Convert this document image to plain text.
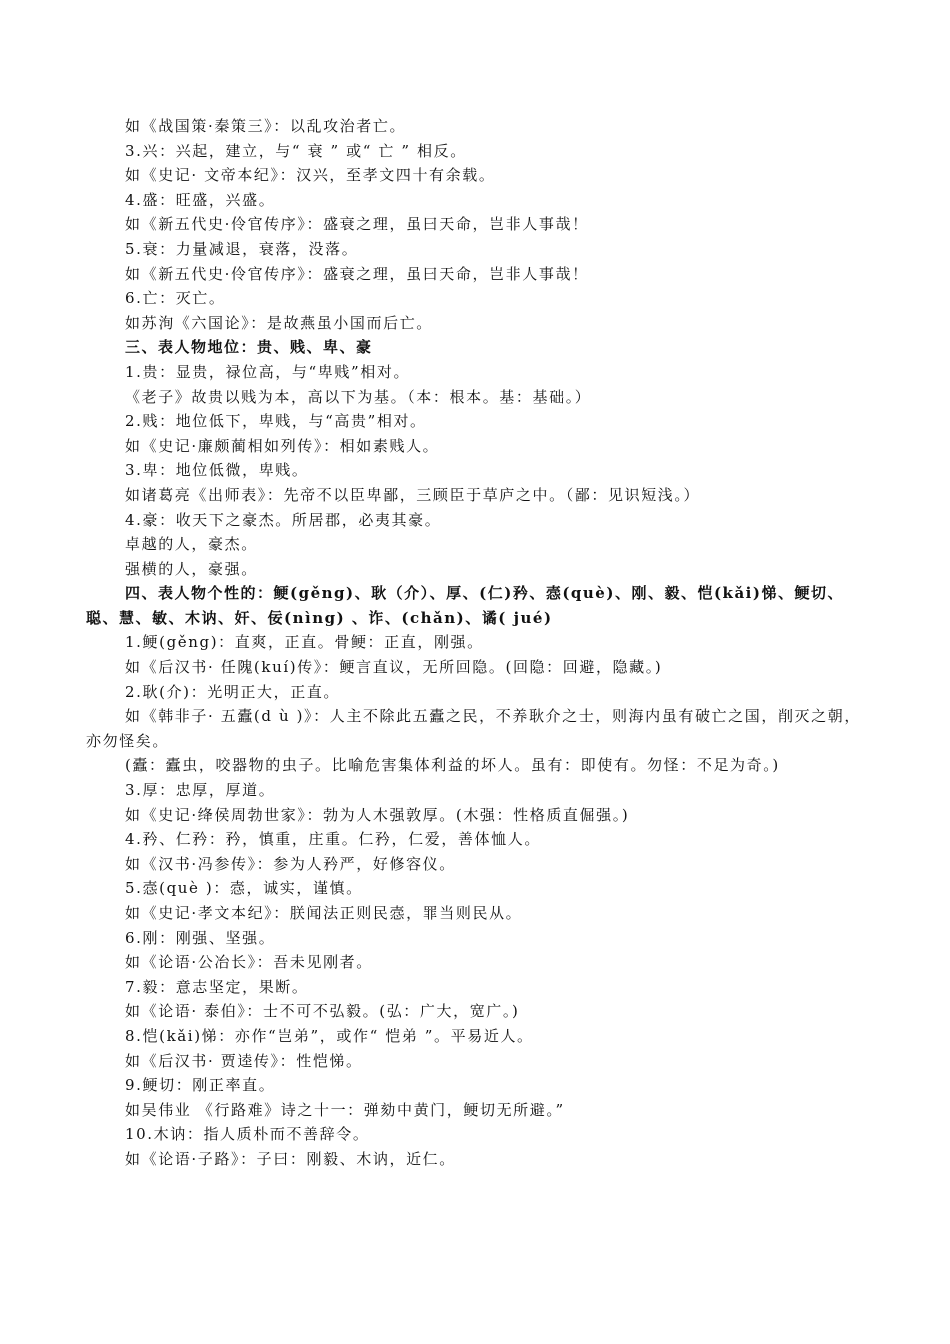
如《战国策·秦策三》：以乱攻治者亡。
3.兴：兴起，建立，与“ 衰 ” 或“ 亡 ” 相反。
如《史记· 文帝本纪》：汉兴，至孝文四十有余载。
4.盛：旺盛，兴盛。
如《新五代史·伶官传序》：盛衰之理，虽曰天命，岂非人事哉！
5.衰：力量减退，衰落，没落。
如《新五代史·伶官传序》：盛衰之理，虽曰天命，岂非人事哉！
6.亡：灭亡。
如苏洵《六国论》：是故燕虽小国而后亡。
三、表人物地位：贵、贱、卑、豪
1.贵：显贵，禄位高，与“卑贱”相对。
《老子》故贵以贱为本，高以下为基。（本：根本。基：基础。）
2.贱：地位低下，卑贱，与“高贵”相对。
如《史记·廉颇蔺相如列传》：相如素贱人。
3.卑：地位低微，卑贱。
如诸葛亮《出师表》：先帝不以臣卑鄙，三顾臣于草庐之中。（鄙：见识短浅。）
4.豪：收天下之豪杰。所居郡，必夷其豪。
卓越的人，豪杰。
强横的人，豪强。
四、表人物个性的：鲠(gěng)、耿（介）、厚、(仁)矜、悫(què)、刚、毅、恺(kǎi)悌、鲠切、聪、慧、敏、木讷、奸、佞(nìng) 、诈、(chǎn)、谲( jué)
1.鲠(gěng)：直爽，正直。骨鲠：正直，刚强。
如《后汉书· 任隗(kuí)传》：鲠言直议，无所回隐。(回隐：回避，隐藏。)
2.耿(介)：光明正大，正直。
如《韩非子· 五蠹(d ù )》：人主不除此五蠹之民，不养耿介之士，则海内虽有破亡之国，削灭之朝，亦勿怪矣。
(蠹：蠹虫，咬器物的虫子。比喻危害集体利益的坏人。虽有：即使有。勿怪：不足为奇。)
3.厚：忠厚，厚道。
如《史记·绛侯周勃世家》：勃为人木强敦厚。(木强：性格质直倔强。)
4.矜、仁矜：矜，慎重，庄重。仁矜，仁爱，善体恤人。
如《汉书·冯参传》：参为人矜严，好修容仪。
5.悫(què )：悫，诚实，谨慎。
如《史记·孝文本纪》：朕闻法正则民悫，罪当则民从。
6.刚：刚强、坚强。
如《论语·公冶长》：吾未见刚者。
7.毅：意志坚定，果断。
如《论语· 泰伯》：士不可不弘毅。(弘：广大，宽广。)
8.恺(kǎi)悌：亦作“岂弟”，或作“ 恺弟 ”。平易近人。
如《后汉书· 贾逵传》：性恺悌。
9.鲠切：刚正率直。
如吴伟业 《行路难》诗之十一：弹劾中黄门，鲠切无所避。”
10.木讷：指人质朴而不善辞令。
如《论语·子路》：子曰：刚毅、木讷，近仁。
